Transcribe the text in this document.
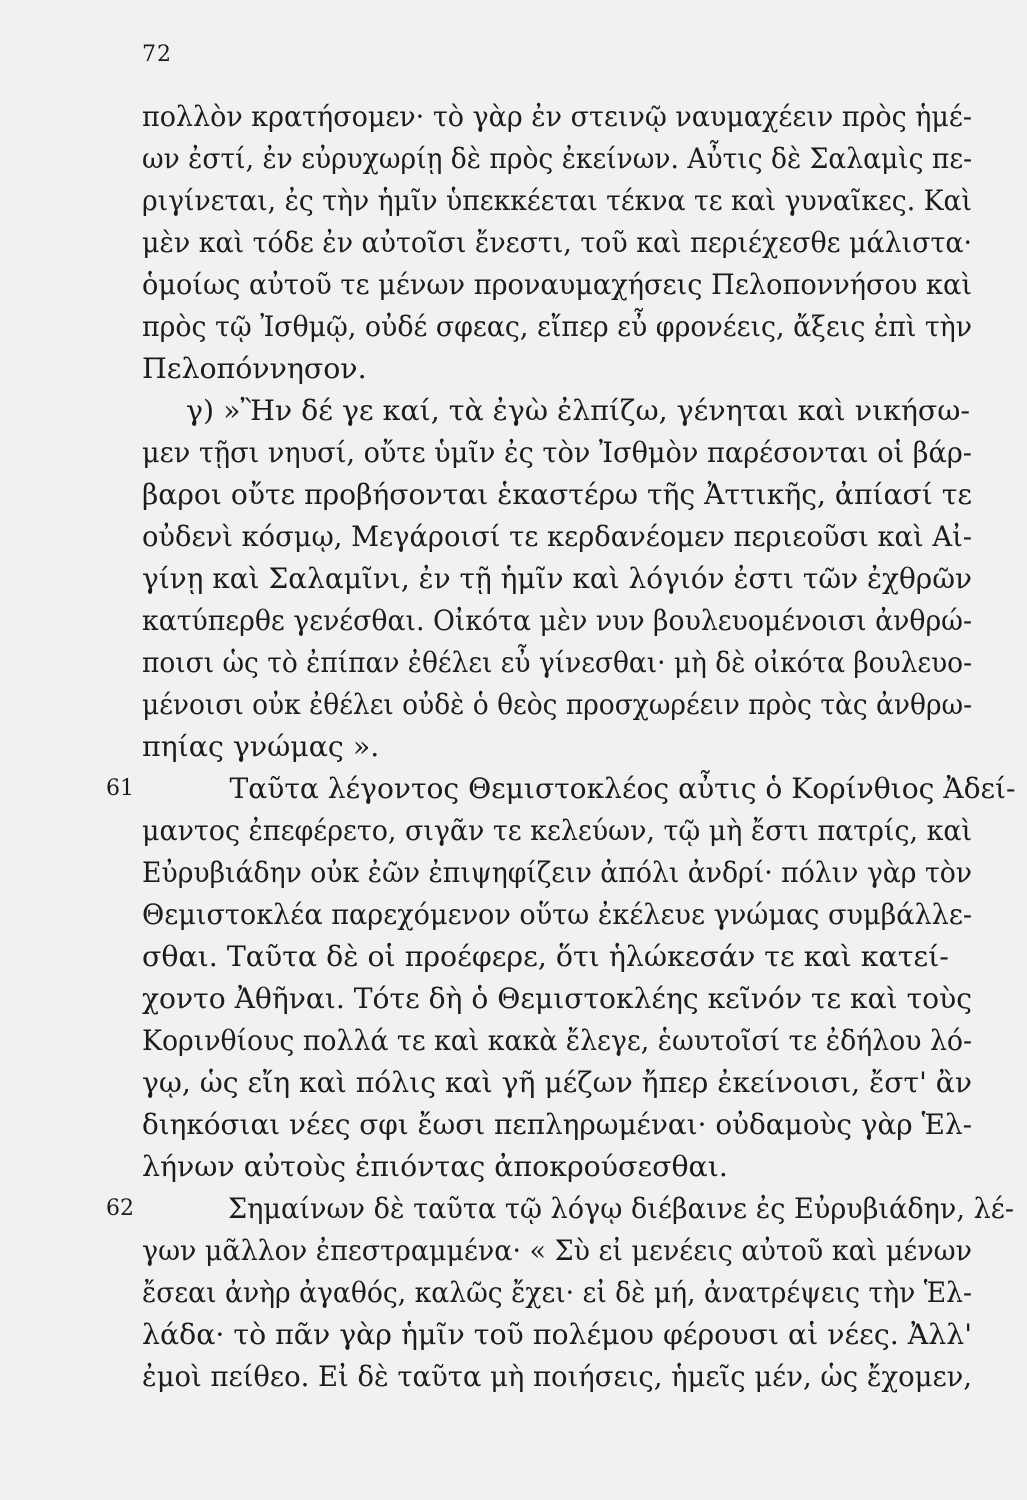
72
πολλὸν κρατήσομεν· τὸ γὰρ ἐν στεινῷ ναυμαχέειν πρὸς ἡμέ-
ων ἐστί, ἐν εὐρυχωρίῃ δὲ πρὸς ἐκείνων. Αὖτις δὲ Σαλαμὶς πε-
ριγίνεται, ἐς τὴν ἡμῖν ὑπεκκέεται τέκνα τε καὶ γυναῖκες. Καὶ
μὲν καὶ τόδε ἐν αὐτοῖσι ἔνεστι, τοῦ καὶ περιέχεσθε μάλιστα·
ὁμοίως αὐτοῦ τε μένων προναυμαχήσεις Πελοποννήσου καὶ
πρὸς τῷ Ἰσθμῷ, οὐδέ σφεας, εἴπερ εὖ φρονέεις, ἄξεις ἐπὶ τὴν
Πελοπόννησον.
γ) »Ἢν δέ γε καί, τὰ ἐγὼ ἐλπίζω, γένηται καὶ νικήσω-
μεν τῇσι νηυσί, οὔτε ὑμῖν ἐς τὸν Ἰσθμὸν παρέσονται οἱ βάρ-
βαροι οὔτε προβήσονται ἑκαστέρω τῆς Ἀττικῆς, ἀπίασί τε
οὐδενὶ κόσμῳ, Μεγάροισί τε κερδανέομεν περιεοῦσι καὶ Αἰ-
γίνῃ καὶ Σαλαμῖνι, ἐν τῇ ἡμῖν καὶ λόγιόν ἐστι τῶν ἐχθρῶν
κατύπερθε γενέσθαι. Οἰκότα μὲν νυν βουλευομένοισι ἀνθρώ-
ποισι ὡς τὸ ἐπίπαν ἐθέλει εὖ γίνεσθαι· μὴ δὲ οἰκότα βουλευο-
μένοισι οὐκ ἐθέλει οὐδὲ ὁ θεὸς προσχωρέειν πρὸς τὰς ἀνθρω-
πηίας γνώμας ».
61	Ταῦτα λέγοντος Θεμιστοκλέος αὖτις ὁ Κορίνθιος Ἀδεί-
μαντος ἐπεφέρετο, σιγᾶν τε κελεύων, τῷ μὴ ἔστι πατρίς, καὶ
Εὐρυβιάδην οὐκ ἐῶν ἐπιψηφίζειν ἀπόλι ἀνδρί· πόλιν γὰρ τὸν
Θεμιστοκλέα παρεχόμενον οὕτω ἐκέλευε γνώμας συμβάλλε-
σθαι. Ταῦτα δὲ οἱ προέφερε, ὅτι ἡλώκεσάν τε καὶ κατεί-
χοντο Ἀθῆναι. Τότε δὴ ὁ Θεμιστοκλέης κεῖνόν τε καὶ τοὺς
Κορινθίους πολλά τε καὶ κακὰ ἔλεγε, ἑωυτοῖσί τε ἐδήλου λό-
γῳ, ὡς εἴη καὶ πόλις καὶ γῆ μέζων ἤπερ ἐκείνοισι, ἔστ' ἂν
διηκόσιαι νέες σφι ἔωσι πεπληρωμέναι· οὐδαμοὺς γὰρ Ἑλ-
λήνων αὐτοὺς ἐπιόντας ἀποκρούσεσθαι.
62	Σημαίνων δὲ ταῦτα τῷ λόγῳ διέβαινε ἐς Εὐρυβιάδην, λέ-
γων μᾶλλον ἐπεστραμμένα· « Σὺ εἰ μενέεις αὐτοῦ καὶ μένων
ἔσεαι ἀνὴρ ἀγαθός, καλῶς ἔχει· εἰ δὲ μή, ἀνατρέψεις τὴν Ἑλ-
λάδα· τὸ πᾶν γὰρ ἡμῖν τοῦ πολέμου φέρουσι αἱ νέες. Ἀλλ'
ἐμοὶ πείθεο. Εἰ δὲ ταῦτα μὴ ποιήσεις, ἡμεῖς μέν, ὡς ἔχομεν,
